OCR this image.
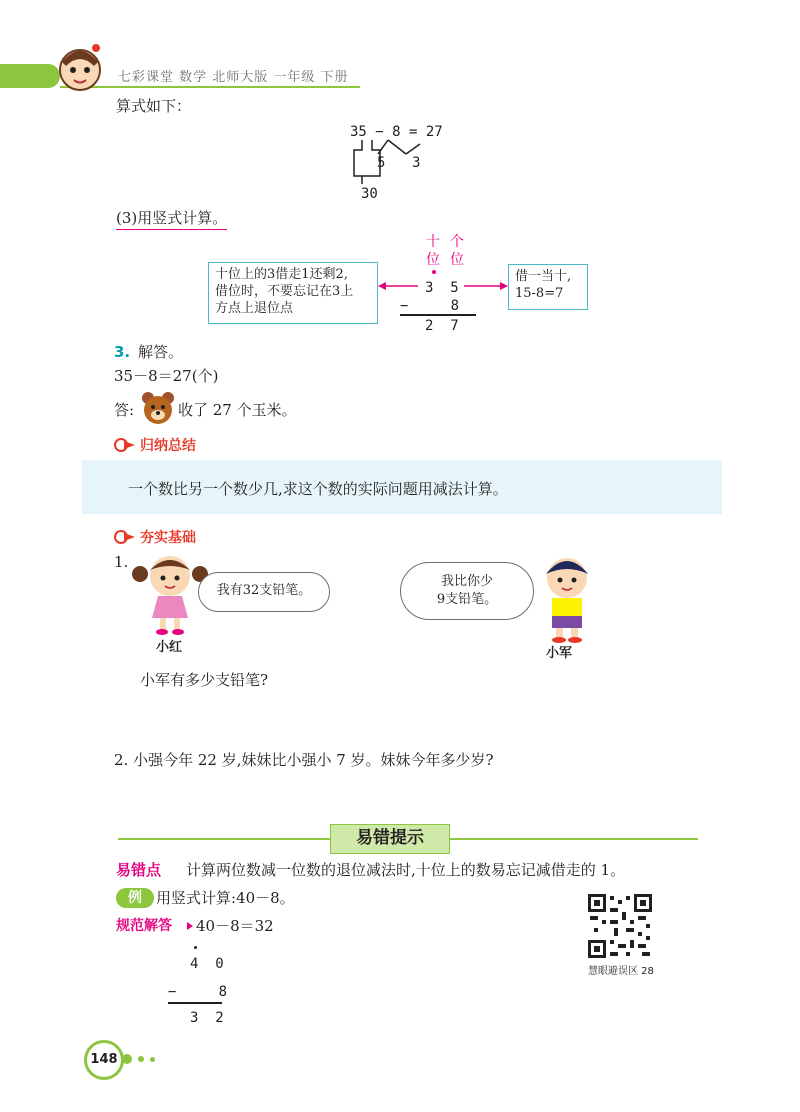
七彩课堂 数学 北师大版 一年级 下册
算式如下：
35 − 8 = 27
5 3
30
(3)用竖式计算。
十 个
位 位
3  5
−     8
2  7
十位上的3借走1还剩2,
借位时，不要忘记在3上
方点上退位点
借一当十,
15-8=7
3. 解答。
35－8＝27(个)
答:	收了 27 个玉米。
归纳总结
一个数比另一个数少几,求这个数的实际问题用减法计算。
夯实基础
1.
我有32支铅笔。
小红
我比你少
9支铅笔。
小军
小军有多少支铅笔?
2. 小强今年 22 岁,妹妹比小强小 7 岁。妹妹今年多少岁?
易错提示
易错点 计算两位数减一位数的退位减法时,十位上的数易忘记减借走的 1。
例 用竖式计算:40－8。
规范解答 40－8＝32
4  0
−     8
3  2
慧眼避误区 28
148
